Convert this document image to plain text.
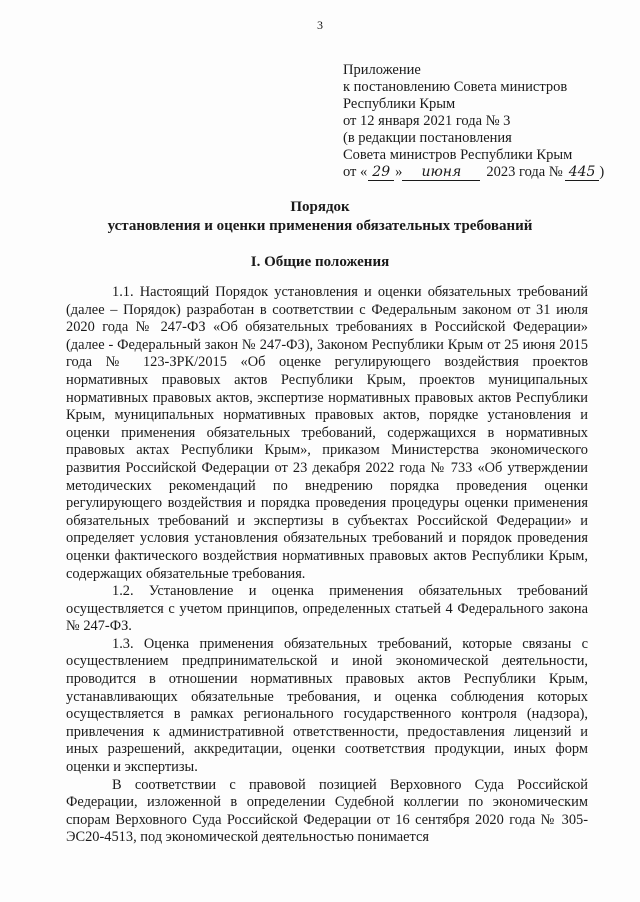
3
Приложение
к постановлению Совета министров
Республики Крым
от 12 января 2021 года № 3
(в редакции постановления
Совета министров Республики Крым
от « 29 » июня 2023 года № 445 )
Порядок
установления и оценки применения обязательных требований
I. Общие положения

1.1. Настоящий Порядок установления и оценки обязательных требований (далее – Порядок) разработан в соответствии с Федеральным законом от 31 июля 2020 года № 247-ФЗ «Об обязательных требованиях в Российской Федерации» (далее - Федеральный закон № 247-ФЗ), Законом Республики Крым от 25 июня 2015 года № 123-ЗРК/2015 «Об оценке регулирующего воздействия проектов нормативных правовых актов Республики Крым, проектов муниципальных нормативных правовых актов, экспертизе нормативных правовых актов Республики Крым, муниципальных нормативных правовых актов, порядке установления и оценки применения обязательных требований, содержащихся в нормативных правовых актах Республики Крым», приказом Министерства экономического развития Российской Федерации от 23 декабря 2022 года № 733 «Об утверждении методических рекомендаций по внедрению порядка проведения оценки регулирующего воздействия и порядка проведения процедуры оценки применения обязательных требований и экспертизы в субъектах Российской Федерации» и определяет условия установления обязательных требований и порядок проведения оценки фактического воздействия нормативных правовых актов Республики Крым, содержащих обязательные требования.

1.2. Установление и оценка применения обязательных требований осуществляется с учетом принципов, определенных статьей 4 Федерального закона № 247-ФЗ.

1.3. Оценка применения обязательных требований, которые связаны с осуществлением предпринимательской и иной экономической деятельности, проводится в отношении нормативных правовых актов Республики Крым, устанавливающих обязательные требования, и оценка соблюдения которых осуществляется в рамках регионального государственного контроля (надзора), привлечения к административной ответственности, предоставления лицензий и иных разрешений, аккредитации, оценки соответствия продукции, иных форм оценки и экспертизы.

В соответствии с правовой позицией Верховного Суда Российской Федерации, изложенной в определении Судебной коллегии по экономическим спорам Верховного Суда Российской Федерации от 16 сентября 2020 года № 305-ЭС20-4513, под экономической деятельностью понимается
